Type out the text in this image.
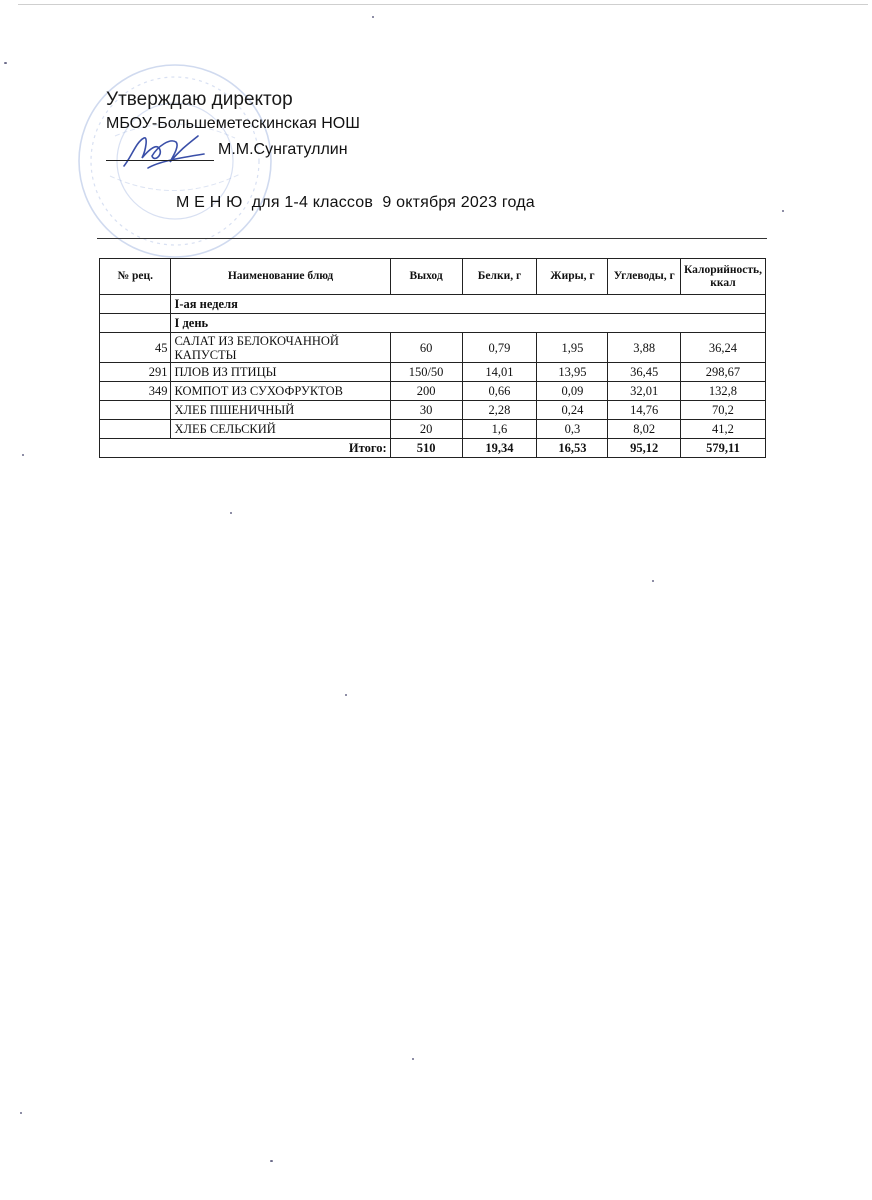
Утверждаю директор
МБОУ-Большеметескинская НОШ
М.М.Сунгатуллин
М Е Н Ю  для 1-4 классов  9 октября 2023 года
№ рец.	Наименование блюд	Выход	Белки, г	Жиры, г	Углеводы, г	Калорийность, ккал
	I-ая неделя					
	I день					
45	САЛАТ ИЗ БЕЛОКОЧАННОЙ КАПУСТЫ	60	0,79	1,95	3,88	36,24
291	ПЛОВ ИЗ ПТИЦЫ	150/50	14,01	13,95	36,45	298,67
349	КОМПОТ ИЗ СУХОФРУКТОВ	200	0,66	0,09	32,01	132,8
	ХЛЕБ ПШЕНИЧНЫЙ	30	2,28	0,24	14,76	70,2
	ХЛЕБ СЕЛЬСКИЙ	20	1,6	0,3	8,02	41,2
Итого:		510	19,34	16,53	95,12	579,11
